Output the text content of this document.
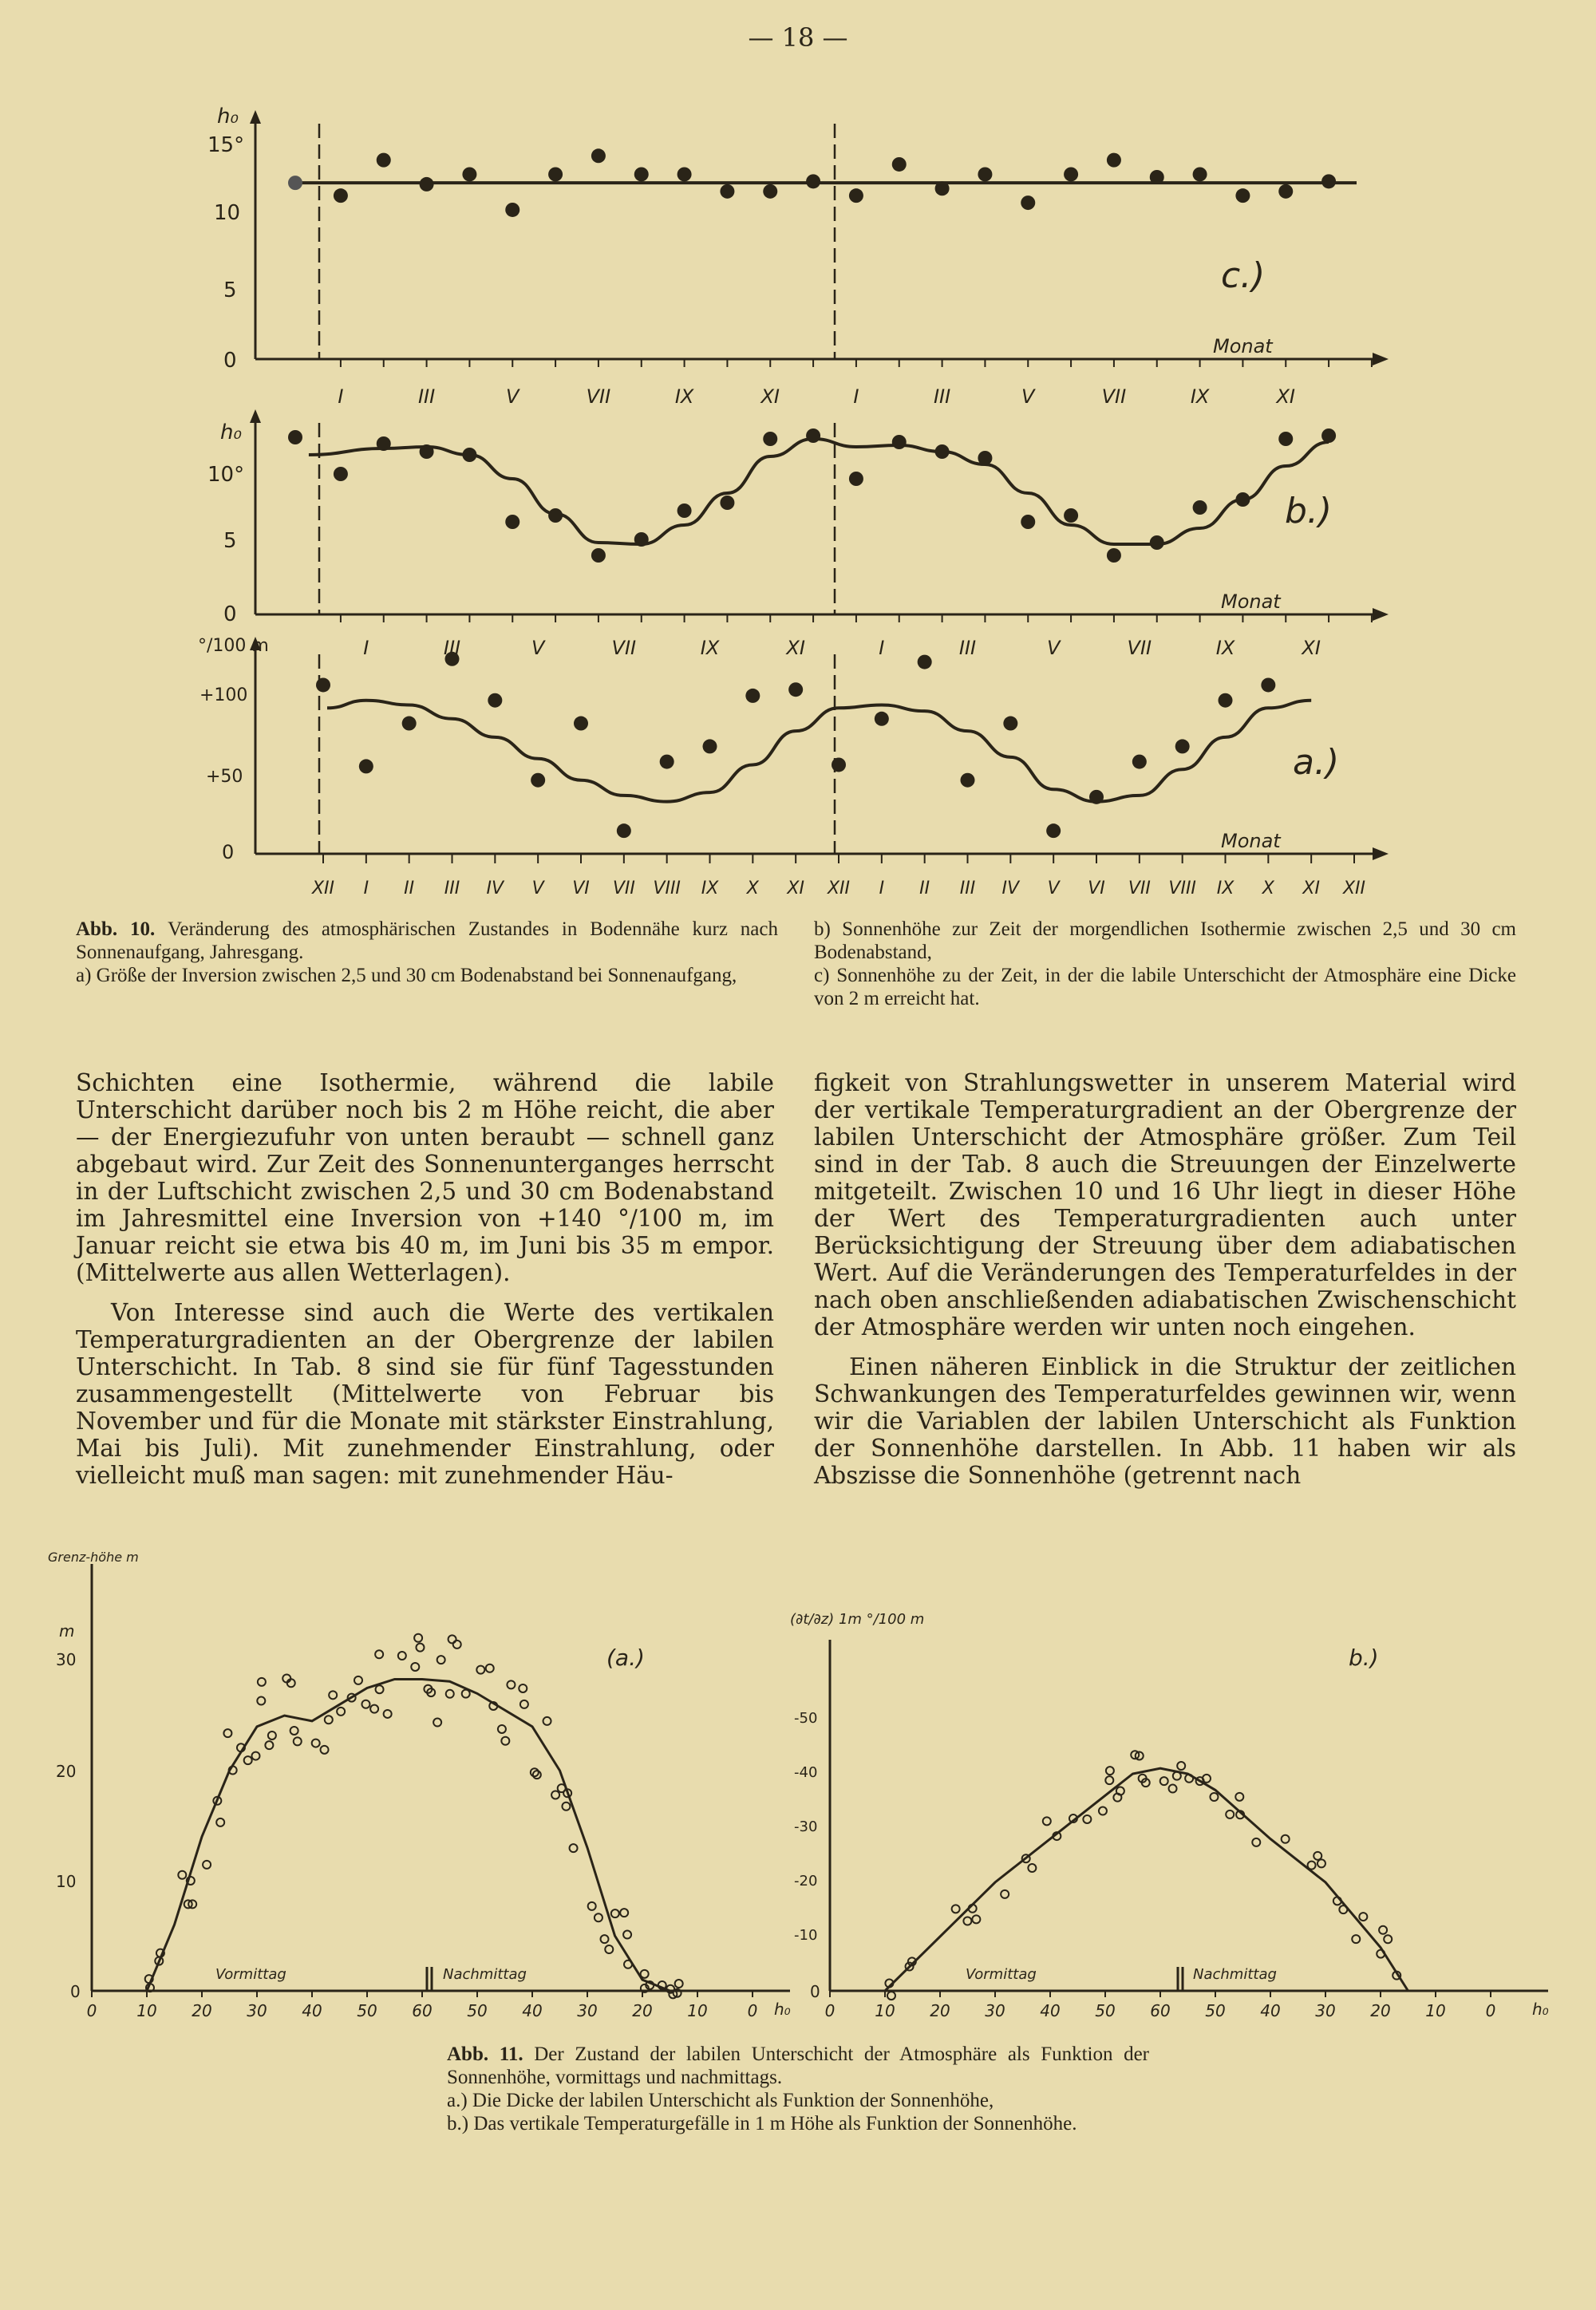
— 18 —
h₀
15°
10
5
0
c.)
Monat
h₀
10°
5
0
b.)
Monat
°/100 m
+100
+50
0
a.)
Monat
I	III	V	VII	IX	XI	I	III	V	VII	IX	XI
XII I II III IV V VI VII VIII IX X XI XII I II III IV V VI VII VIII IX X XI XII
I	III	V	VII	IX	XI	I	III	V	VII	IX	XI

Abb. 10. Veränderung des atmosphärischen Zustandes in Bodennähe kurz nach Sonnenaufgang, Jahresgang.

a) Größe der Inversion zwischen 2,5 und 30 cm Bodenabstand bei Sonnenaufgang,

b) Sonnenhöhe zur Zeit der morgendlichen Isothermie zwischen 2,5 und 30 cm Bodenabstand,

c) Sonnenhöhe zu der Zeit, in der die labile Unterschicht der Atmosphäre eine Dicke von 2 m erreicht hat.

Schichten eine Isothermie, während die labile Unterschicht darüber noch bis 2 m Höhe reicht, die aber — der Energiezufuhr von unten beraubt — schnell ganz abgebaut wird. Zur Zeit des Sonnenunterganges herrscht in der Luftschicht zwischen 2,5 und 30 cm Bodenabstand im Jahresmittel eine Inversion von +140 °/100 m, im Januar reicht sie etwa bis 40 m, im Juni bis 35 m empor. (Mittelwerte aus allen Wetterlagen).

Von Interesse sind auch die Werte des vertikalen Temperaturgradienten an der Obergrenze der labilen Unterschicht. In Tab. 8 sind sie für fünf Tagesstunden zusammengestellt (Mittelwerte von Februar bis November und für die Monate mit stärkster Einstrahlung, Mai bis Juli). Mit zunehmender Einstrahlung, oder vielleicht muß man sagen: mit zunehmender Häu-

figkeit von Strahlungswetter in unserem Material wird der vertikale Temperaturgradient an der Obergrenze der labilen Unterschicht der Atmosphäre größer. Zum Teil sind in der Tab. 8 auch die Streuungen der Einzelwerte mitgeteilt. Zwischen 10 und 16 Uhr liegt in dieser Höhe der Wert des Temperaturgradienten auch unter Berücksichtigung der Streuung über dem adiabatischen Wert. Auf die Veränderungen des Temperaturfeldes in der nach oben anschließenden adiabatischen Zwischenschicht der Atmosphäre werden wir unten noch eingehen.

Einen näheren Einblick in die Struktur der zeitlichen Schwankungen des Temperaturfeldes gewinnen wir, wenn wir die Variablen der labilen Unterschicht als Funktion der Sonnenhöhe darstellen. In Abb. 11 haben wir als Abszisse die Sonnenhöhe (getrennt nach

Grenz-höhe m
m
30
20
10
0
(a.)
Vormittag	Nachmittag
h₀
(∂t/∂z) 1m °/100 m
-50
-40
-30
-20
-10
0
b.)
Vormittag	Nachmittag
h₀
0 10 20 30 40 50 60 50 40 30 20 10 0	0 10 20 30 40 50 60 50 40 30 20 10 0

Abb. 11. Der Zustand der labilen Unterschicht der Atmosphäre als Funktion der Sonnenhöhe, vormittags und nachmittags.

a.) Die Dicke der labilen Unterschicht als Funktion der Sonnenhöhe,

b.) Das vertikale Temperaturgefälle in 1 m Höhe als Funktion der Sonnenhöhe.
